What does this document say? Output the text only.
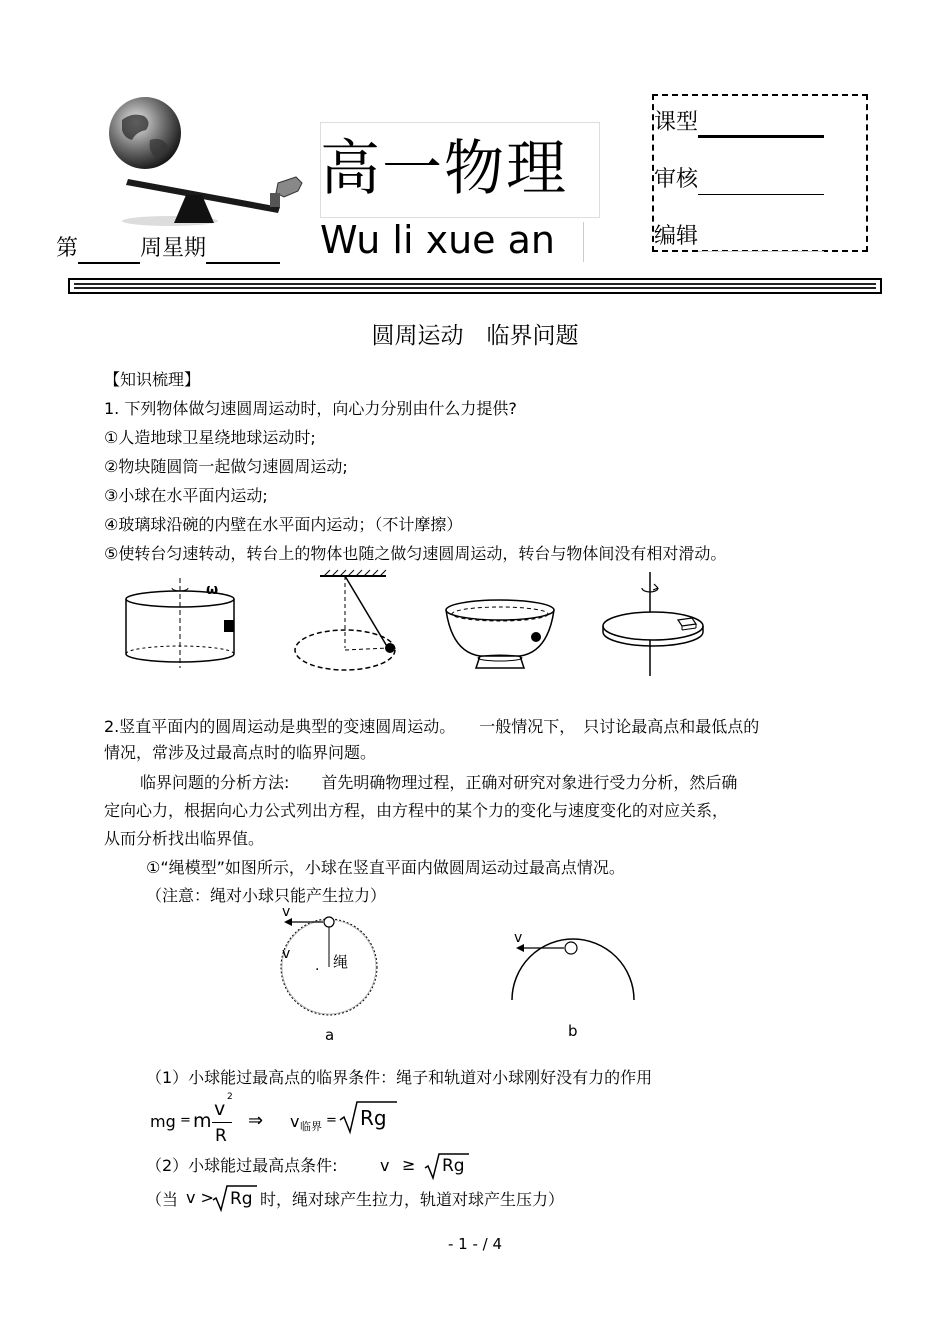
高一物理
Wu li xue an
第	周星期
课型
审核
编辑
圆周运动　临界问题
【知识梳理】
1. 下列物体做匀速圆周运动时，向心力分别由什么力提供?
①人造地球卫星绕地球运动时;
②物块随圆筒一起做匀速圆周运动;
③小球在水平面内运动;
④玻璃球沿碗的内壁在水平面内运动；（不计摩擦）
⑤使转台匀速转动，转台上的物体也随之做匀速圆周运动，转台与物体间没有相对滑动。
ω
2.竖直平面内的圆周运动是典型的变速圆周运动。　　一般情况下，　只讨论最高点和最低点的
情况，常涉及过最高点时的临界问题。
临界问题的分析方法:　　首先明确物理过程，正确对研究对象进行受力分析，然后确
定向心力，根据向心力公式列出方程，由方程中的某个力的变化与速度变化的对应关系，
从而分析找出临界值。
①“绳模型”如图所示，小球在竖直平面内做圆周运动过最高点情况。
（注意：绳对小球只能产生拉力）
v
v
. 绳
a
v
b
（1）小球能过最高点的临界条件：绳子和轨道对小球刚好没有力的作用
mg = m
v
2
R
⇒ v 临界 = Rg
（2）小球能过最高点条件:	v ≥ Rg
（当 v > Rg 时，绳对球产生拉力，轨道对球产生压力）
- 1 - / 4
